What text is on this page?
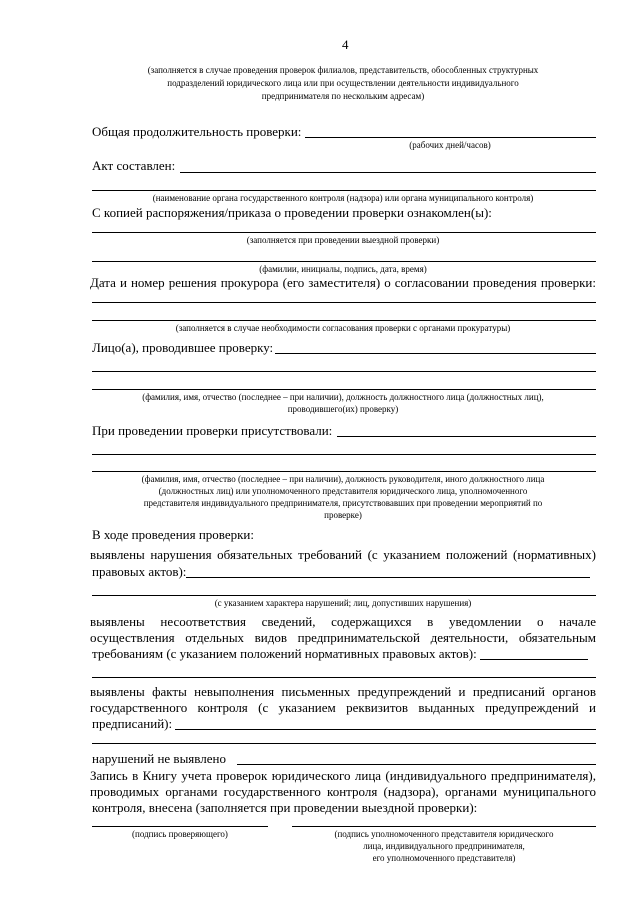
4
(заполняется в случае проведения проверок филиалов, представительств, обособленных структурных
подразделений юридического лица или при осуществлении деятельности индивидуального
предпринимателя по нескольким адресам)
Общая продолжительность проверки:
(рабочих дней/часов)
Акт составлен:
(наименование органа государственного контроля (надзора) или органа муниципального контроля)
С копией распоряжения/приказа о проведении проверки ознакомлен(ы):
(заполняется при проведении выездной проверки)
(фамилии, инициалы, подпись, дата, время)
Дата и номер решения прокурора (его заместителя) о согласовании проведения проверки:
(заполняется в случае необходимости согласования проверки с органами прокуратуры)
Лицо(а), проводившее проверку:
(фамилия, имя, отчество (последнее – при наличии), должность должностного лица (должностных лиц),
проводившего(их) проверку)
При проведении проверки присутствовали:
(фамилия, имя, отчество (последнее – при наличии), должность руководителя, иного должностного лица
(должностных лиц) или уполномоченного представителя юридического лица, уполномоченного
представителя индивидуального предпринимателя, присутствовавших при проведении мероприятий по
проверке)
В ходе проведения проверки:
выявлены нарушения обязательных требований (с указанием положений (нормативных)
правовых актов):
(с указанием характера нарушений; лиц, допустивших нарушения)
выявлены несоответствия сведений, содержащихся в уведомлении о начале
осуществления отдельных видов предпринимательской деятельности, обязательным
требованиям (с указанием положений нормативных правовых актов):
выявлены факты невыполнения письменных предупреждений и предписаний органов
государственного контроля (с указанием реквизитов выданных предупреждений и
предписаний):
нарушений не выявлено
Запись в Книгу учета проверок юридического лица (индивидуального предпринимателя),
проводимых органами государственного контроля (надзора), органами муниципального
контроля, внесена (заполняется при проведении выездной проверки):
(подпись проверяющего)	(подпись уполномоченного представителя юридического
лица, индивидуального предпринимателя,
его уполномоченного представителя)
